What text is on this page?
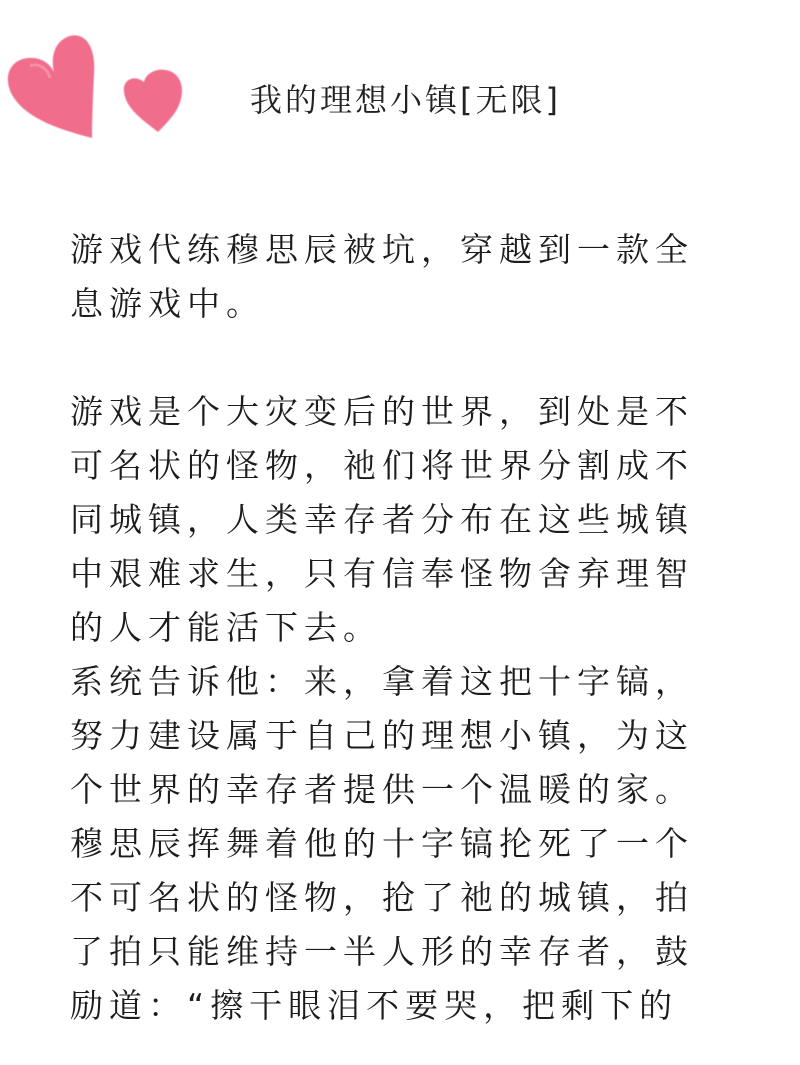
我的理想小镇[无限]

游戏代练穆思辰被坑，穿越到一款全息游戏中。

游戏是个大灾变后的世界，到处是不可名状的怪物，祂们将世界分割成不同城镇，人类幸存者分布在这些城镇中艰难求生，只有信奉怪物舍弃理智的人才能活下去。

系统告诉他：来，拿着这把十字镐，努力建设属于自己的理想小镇，为这个世界的幸存者提供一个温暖的家。

穆思辰挥舞着他的十字镐抡死了一个不可名状的怪物，抢了祂的城镇，拍了拍只能维持一半人形的幸存者，鼓励道：“擦干眼泪不要哭，把剩下的
